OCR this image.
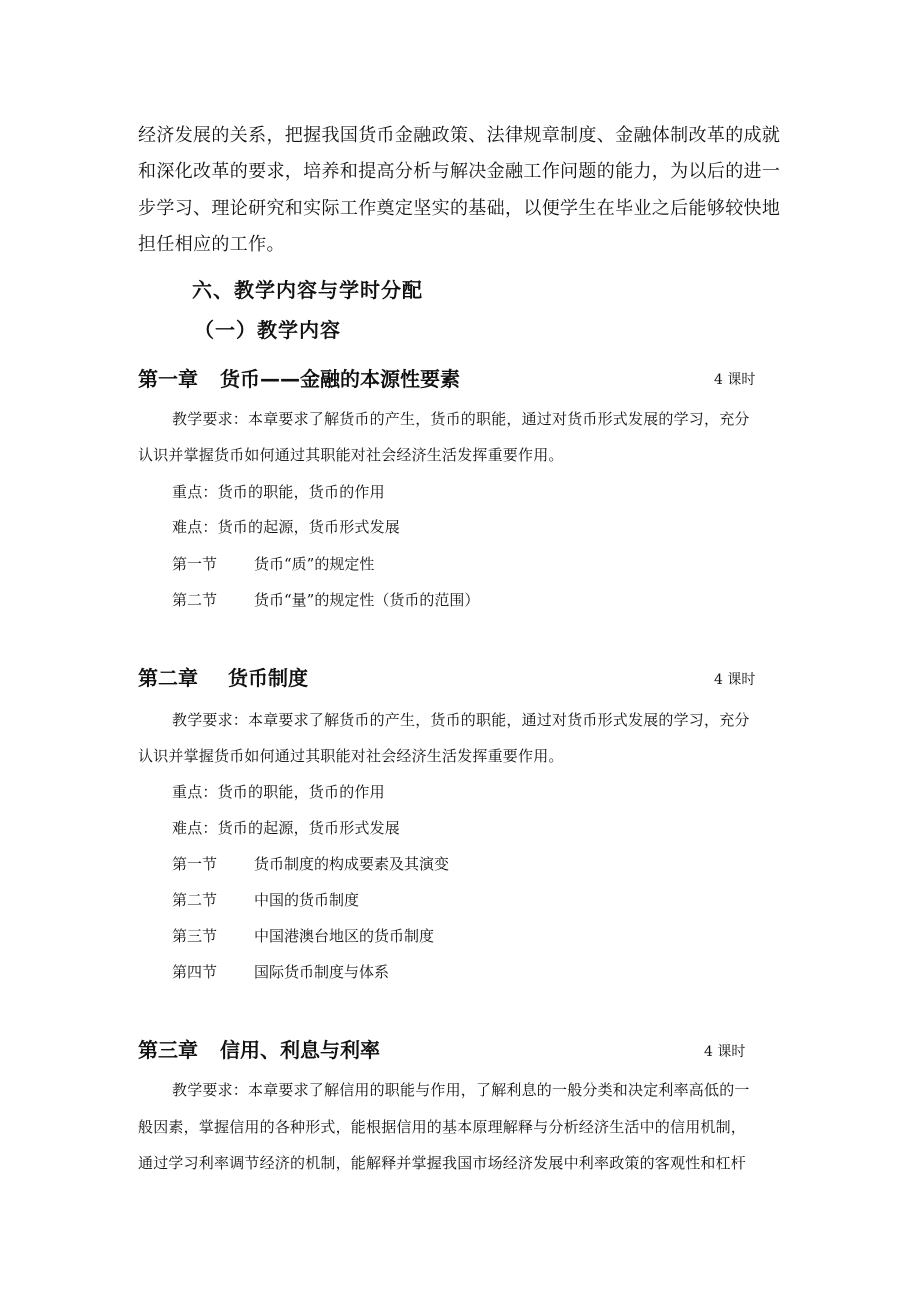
经济发展的关系，把握我国货币金融政策、法律规章制度、金融体制改革的成就
和深化改革的要求，培养和提高分析与解决金融工作问题的能力，为以后的进一
步学习、理论研究和实际工作奠定坚实的基础，以便学生在毕业之后能够较快地
担任相应的工作。
六、教学内容与学时分配
（一）教学内容
第一章 货币——金融的本源性要素	4 课时
教学要求：本章要求了解货币的产生，货币的职能，通过对货币形式发展的学习，充分
认识并掌握货币如何通过其职能对社会经济生活发挥重要作用。
重点：货币的职能，货币的作用
难点：货币的起源，货币形式发展
第一节 货币“质”的规定性
第二节 货币“量”的规定性（货币的范围）
第二章 货币制度	4 课时
教学要求：本章要求了解货币的产生，货币的职能，通过对货币形式发展的学习，充分
认识并掌握货币如何通过其职能对社会经济生活发挥重要作用。
重点：货币的职能，货币的作用
难点：货币的起源，货币形式发展
第一节 货币制度的构成要素及其演变
第二节 中国的货币制度
第三节 中国港澳台地区的货币制度
第四节 国际货币制度与体系
第三章 信用、利息与利率	4 课时
教学要求：本章要求了解信用的职能与作用，了解利息的一般分类和决定利率高低的一
般因素，掌握信用的各种形式，能根据信用的基本原理解释与分析经济生活中的信用机制，
通过学习利率调节经济的机制，能解释并掌握我国市场经济发展中利率政策的客观性和杠杆
